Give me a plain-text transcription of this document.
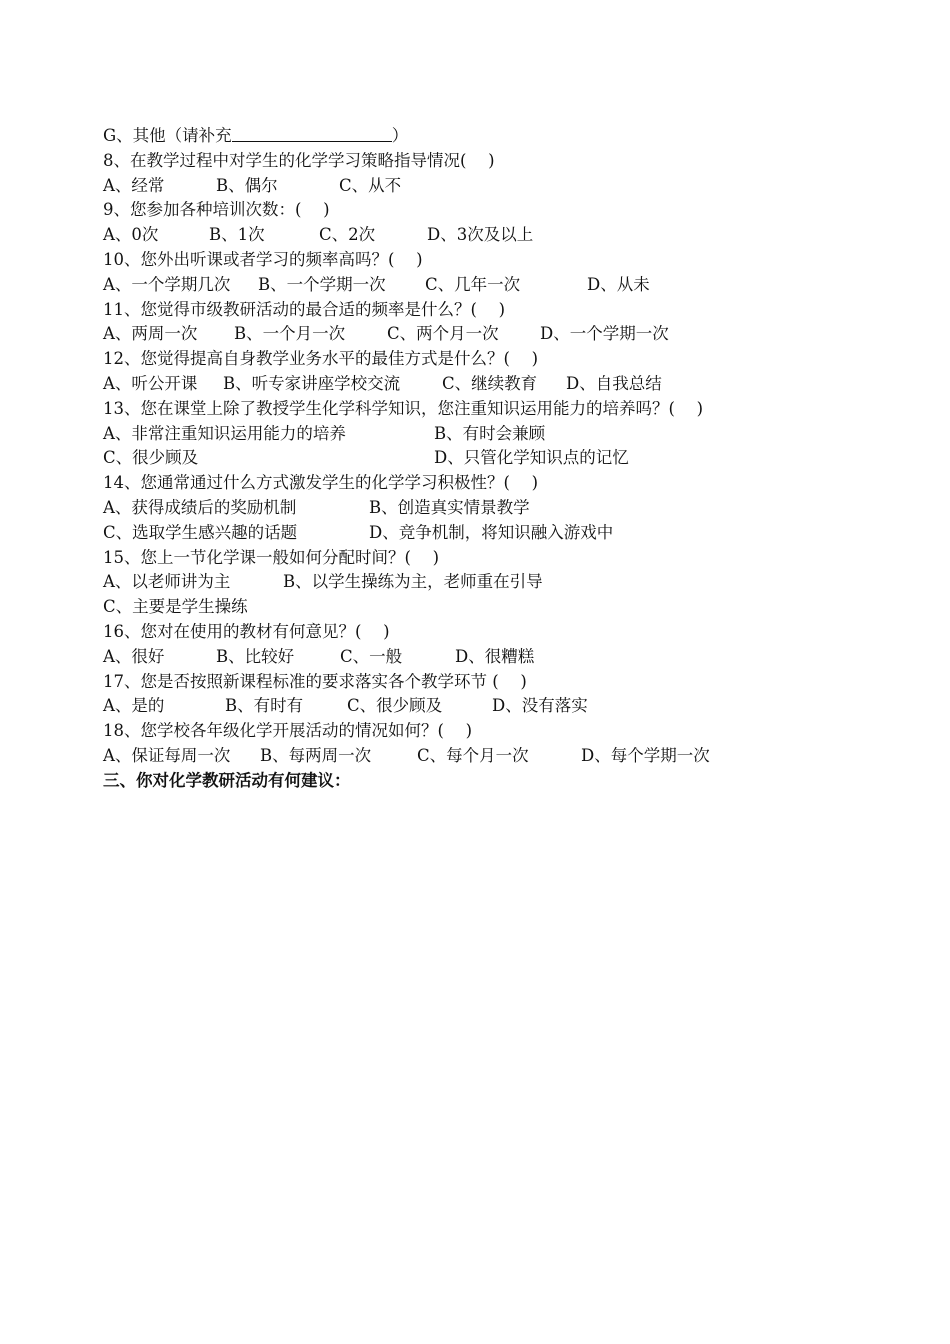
G、其他（请补充	）
8、在教学过程中对学生的化学学习策略指导情况(　 )
A、经常	B、偶尔	C、从不
9、您参加各种培训次数：(　 )
A、0次	B、1次	C、2次	D、3次及以上
10、您外出听课或者学习的频率高吗？(　 )
A、一个学期几次	B、一个学期一次	C、几年一次	D、从未
11、您觉得市级教研活动的最合适的频率是什么？(　 )
A、两周一次	B、一个月一次	C、两个月一次	D、一个学期一次
12、您觉得提高自身教学业务水平的最佳方式是什么？(　 )
A、听公开课	B、听专家讲座学校交流	C、继续教育	D、自我总结
13、您在课堂上除了教授学生化学科学知识，您注重知识运用能力的培养吗？(　 )
A、非常注重知识运用能力的培养	B、有时会兼顾
C、很少顾及	D、只管化学知识点的记忆
14、您通常通过什么方式激发学生的化学学习积极性？(　 )
A、获得成绩后的奖励机制	B、创造真实情景教学
C、选取学生感兴趣的话题	D、竞争机制，将知识融入游戏中
15、您上一节化学课一般如何分配时间？(　 )
A、以老师讲为主	B、以学生操练为主，老师重在引导
C、主要是学生操练
16、您对在使用的教材有何意见？(　 )
A、很好	B、比较好	C、一般	D、很糟糕
17、您是否按照新课程标准的要求落实各个教学环节 (　 )
A、是的	B、有时有	C、很少顾及	D、没有落实
18、您学校各年级化学开展活动的情况如何？(　 )
A、保证每周一次	B、每两周一次	C、每个月一次	D、每个学期一次
三、你对化学教研活动有何建议：
